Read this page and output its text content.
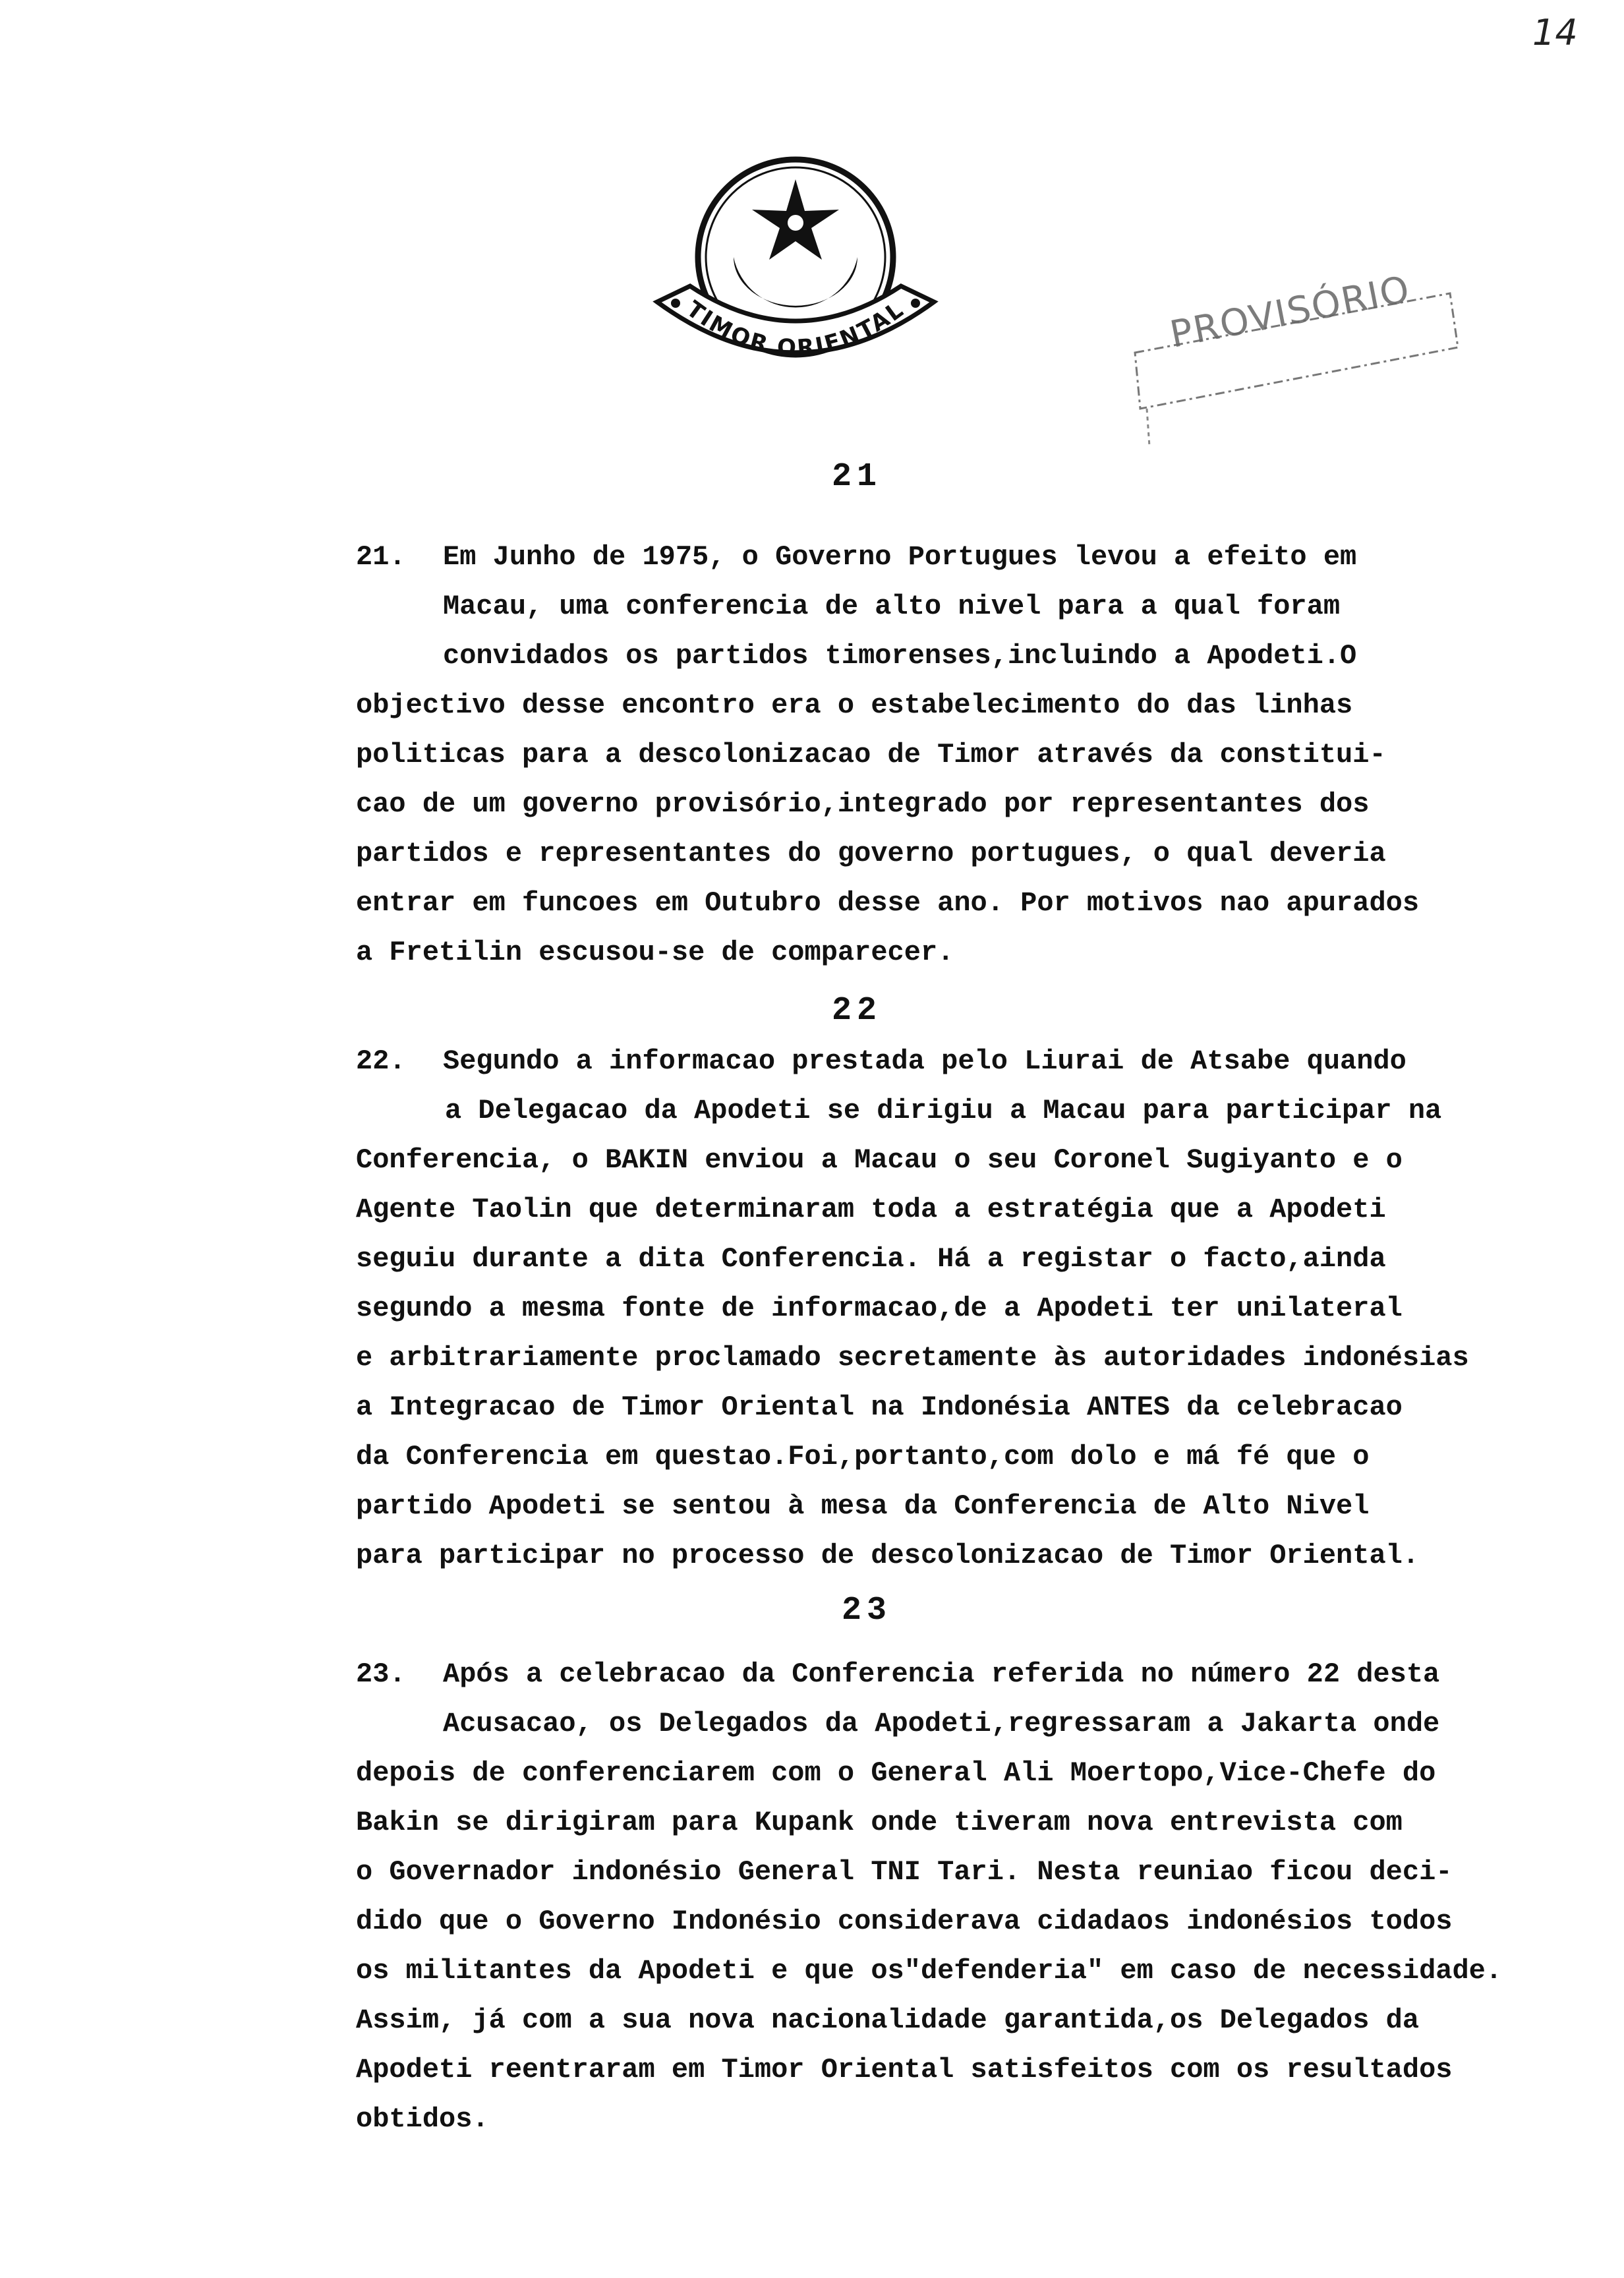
14
TIMOR ORIENTAL	PROVISÓRIO
21
21. Em Junho de 1975, o Governo Portugues levou a efeito em
Macau, uma conferencia de alto nivel para a qual foram
convidados os partidos timorenses,incluindo a Apodeti.O
objectivo desse encontro era o estabelecimento do das linhas
politicas para a descolonizacao de Timor através da constitui-
cao de um governo provisório,integrado por representantes dos
partidos e representantes do governo portugues, o qual deveria
entrar em funcoes em Outubro desse ano. Por motivos nao apurados
a Fretilin escusou-se de comparecer.
22
22. Segundo a informacao prestada pelo Liurai de Atsabe quando
a Delegacao da Apodeti se dirigiu a Macau para participar na
Conferencia, o BAKIN enviou a Macau o seu Coronel Sugiyanto e o
Agente Taolin que determinaram toda a estratégia que a Apodeti
seguiu durante a dita Conferencia. Há a registar o facto,ainda
segundo a mesma fonte de informacao,de a Apodeti ter unilateral
e arbitrariamente proclamado secretamente às autoridades indonésias
a Integracao de Timor Oriental na Indonésia ANTES da celebracao
da Conferencia em questao.Foi,portanto,com dolo e má fé que o
partido Apodeti se sentou à mesa da Conferencia de Alto Nivel
para participar no processo de descolonizacao de Timor Oriental.
23
23. Após a celebracao da Conferencia referida no número 22 desta
Acusacao, os Delegados da Apodeti,regressaram a Jakarta onde
depois de conferenciarem com o General Ali Moertopo,Vice-Chefe do
Bakin se dirigiram para Kupank onde tiveram nova entrevista com
o Governador indonésio General TNI Tari. Nesta reuniao ficou deci-
dido que o Governo Indonésio considerava cidadaos indonésios todos
os militantes da Apodeti e que os"defenderia" em caso de necessidade.
Assim, já com a sua nova nacionalidade garantida,os Delegados da
Apodeti reentraram em Timor Oriental satisfeitos com os resultados
obtidos.
